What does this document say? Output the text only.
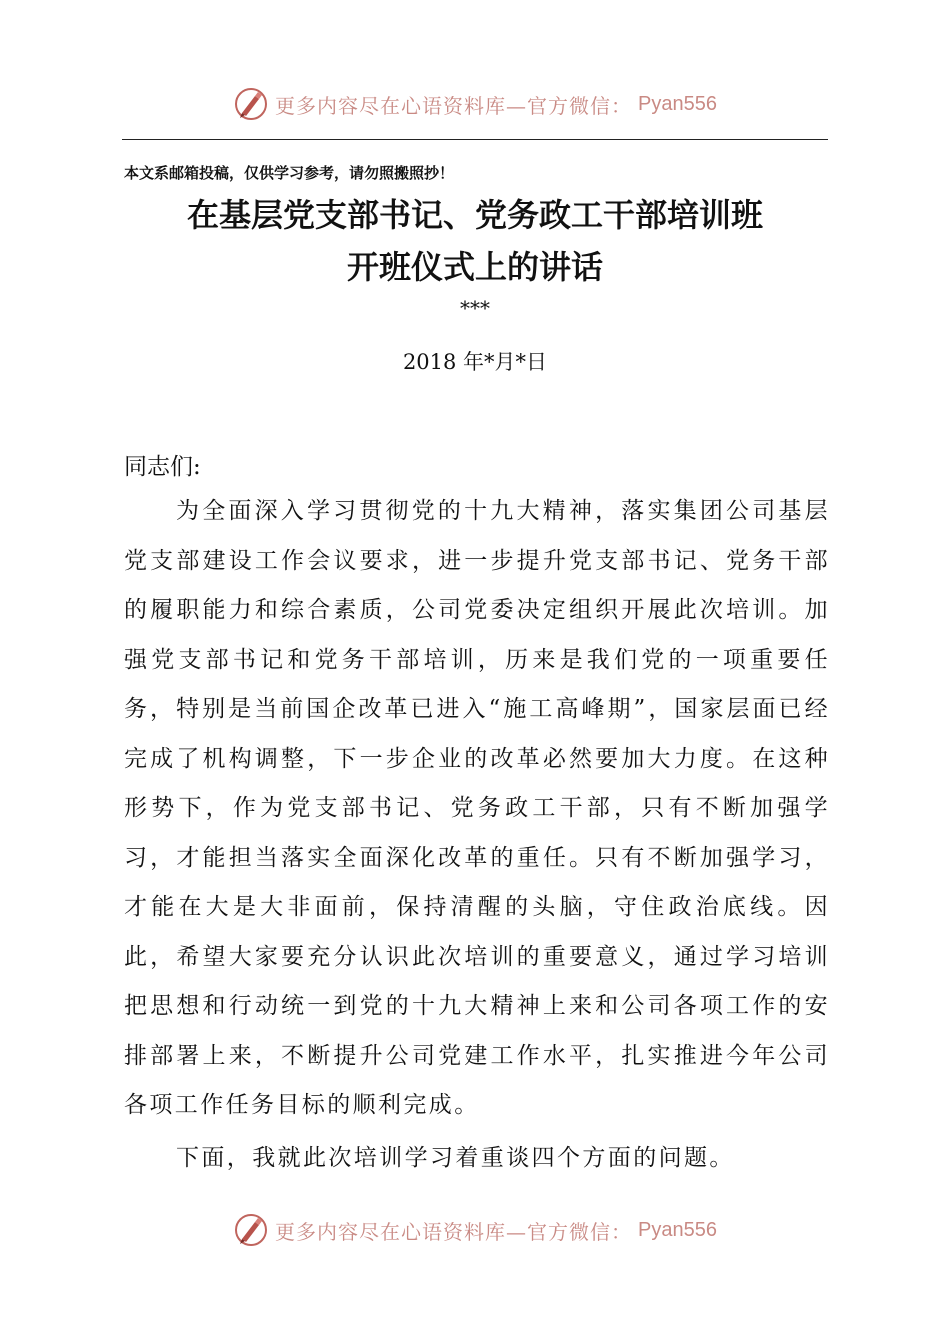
更多内容尽在心语资料库—官方微信： Pyan556
本文系邮箱投稿，仅供学习参考，请勿照搬照抄！
在基层党支部书记、党务政工干部培训班
开班仪式上的讲话
***
2018 年*月*日
同志们:
为全面深入学习贯彻党的十九大精神，落实集团公司基层党支部建设工作会议要求，进一步提升党支部书记、党务干部的履职能力和综合素质，公司党委决定组织开展此次培训。加强党支部书记和党务干部培训，历来是我们党的一项重要任务，特别是当前国企改革已进入“施工高峰期”，国家层面已经完成了机构调整，下一步企业的改革必然要加大力度。在这种形势下，作为党支部书记、党务政工干部，只有不断加强学习，才能担当落实全面深化改革的重任。只有不断加强学习，才能在大是大非面前，保持清醒的头脑，守住政治底线。因此，希望大家要充分认识此次培训的重要意义，通过学习培训把思想和行动统一到党的十九大精神上来和公司各项工作的安排部署上来，不断提升公司党建工作水平，扎实推进今年公司各项工作任务目标的顺利完成。
下面，我就此次培训学习着重谈四个方面的问题。
更多内容尽在心语资料库—官方微信： Pyan556
